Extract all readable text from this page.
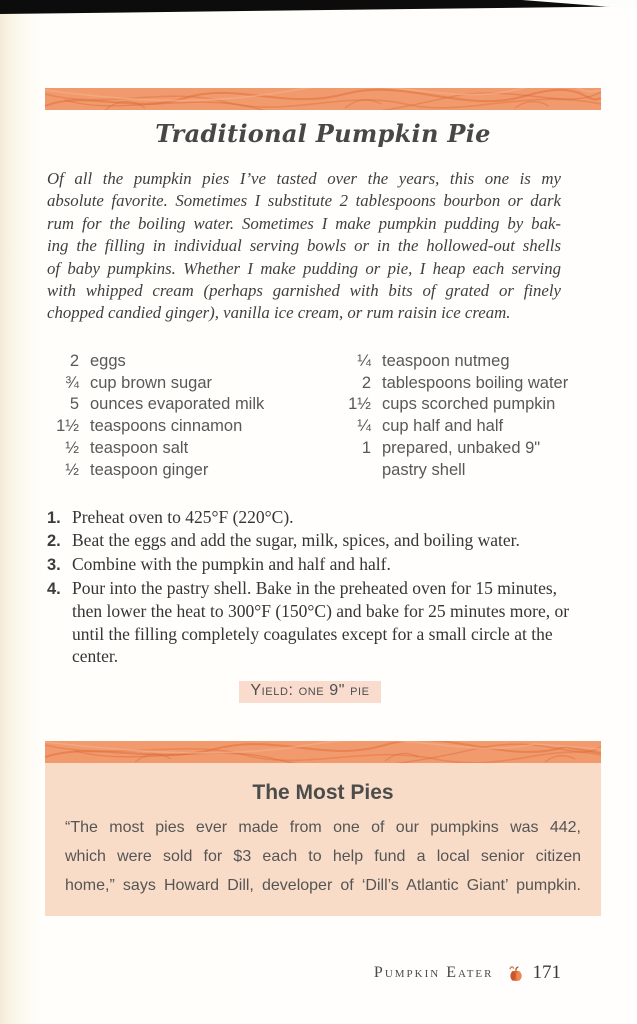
Traditional Pumpkin Pie
Of all the pumpkin pies I’ve tasted over the years, this one is my
absolute favorite. Sometimes I substitute 2 tablespoons bourbon or dark
rum for the boiling water. Sometimes I make pumpkin pudding by bak-
ing the filling in individual serving bowls or in the hollowed-out shells
of baby pumpkins. Whether I make pudding or pie, I heap each serving
with whipped cream (perhaps garnished with bits of grated or finely
chopped candied ginger), vanilla ice cream, or rum raisin ice cream.
2 eggs
¾ cup brown sugar
5 ounces evaporated milk
1½ teaspoons cinnamon
½ teaspoon salt
½ teaspoon ginger
¼ teaspoon nutmeg
2 tablespoons boiling water
1½ cups scorched pumpkin
¼ cup half and half
1 prepared, unbaked 9"
pastry shell
1. Preheat oven to 425°F (220°C).
2. Beat the eggs and add the sugar, milk, spices, and boiling water.
3. Combine with the pumpkin and half and half.
4. Pour into the pastry shell. Bake in the preheated oven for 15 minutes, then lower the heat to 300°F (150°C) and bake for 25 minutes more, or until the filling completely coagulates except for a small circle at the center.
Yield: one 9" pie
The Most Pies
“The most pies ever made from one of our pumpkins was 442,
which were sold for $3 each to help fund a local senior citizen
home,” says Howard Dill, developer of ‘Dill’s Atlantic Giant’ pumpkin.
Pumpkin Eater 171
